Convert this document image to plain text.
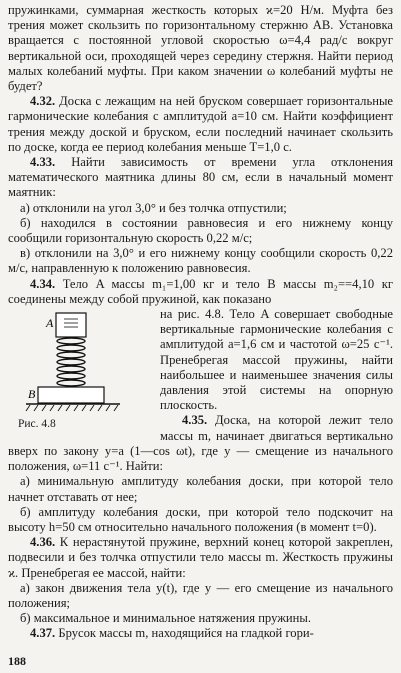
пружинками, суммарная жесткость которых ϰ=20 Н/м. Муфта без трения может скользить по горизонтальному стержню AB. Установка вращается с постоянной угловой скоростью ω=4,4 рад/с вокруг вертикальной оси, проходящей через середину стержня. Найти период малых колебаний муфты. При каком значении ω колебаний муфты не будет?

4.32. Доска с лежащим на ней бруском совершает горизонтальные гармонические колебания с амплитудой a=10 см. Найти коэффициент трения между доской и бруском, если последний начинает скользить по доске, когда ее период колебания меньше T=1,0 с.

4.33. Найти зависимость от времени угла отклонения математического маятника длины 80 см, если в начальный момент маятник:

а) отклонили на угол 3,0° и без толчка отпустили;

б) находился в состоянии равновесия и его нижнему концу сообщили горизонтальную скорость 0,22 м/с;

в) отклонили на 3,0° и его нижнему концу сообщили скорость 0,22 м/с, направленную к положению равновесия.

4.34. Тело A массы m₁=1,00 кг и тело B массы m₂==4,10 кг соединены между собой пружиной, как показано

A
B
Рис. 4.8

на рис. 4.8. Тело A совершает свободные вертикальные гармонические колебания с амплитудой a=1,6 см и частотой ω=25 c⁻¹. Пренебрегая массой пружины, найти наибольшее и наименьшее значения силы давления этой системы на опорную плоскость.

4.35. Доска, на которой лежит тело массы m, начинает двигаться вертикально вверх по закону y=a (1—cos ωt), где y — смещение из начального положения, ω=11 c⁻¹. Найти:

а) минимальную амплитуду колебания доски, при которой тело начнет отставать от нее;

б) амплитуду колебания доски, при которой тело подскочит на высоту h=50 см относительно начального положения (в момент t=0).

4.36. К нерастянутой пружине, верхний конец которой закреплен, подвесили и без толчка отпустили тело массы m. Жесткость пружины ϰ. Пренебрегая ее массой, найти:

а) закон движения тела y(t), где y — его смещение из начального положения;

б) максимальное и минимальное натяжения пружины.

4.37. Брусок массы m, находящийся на гладкой гори-

188
